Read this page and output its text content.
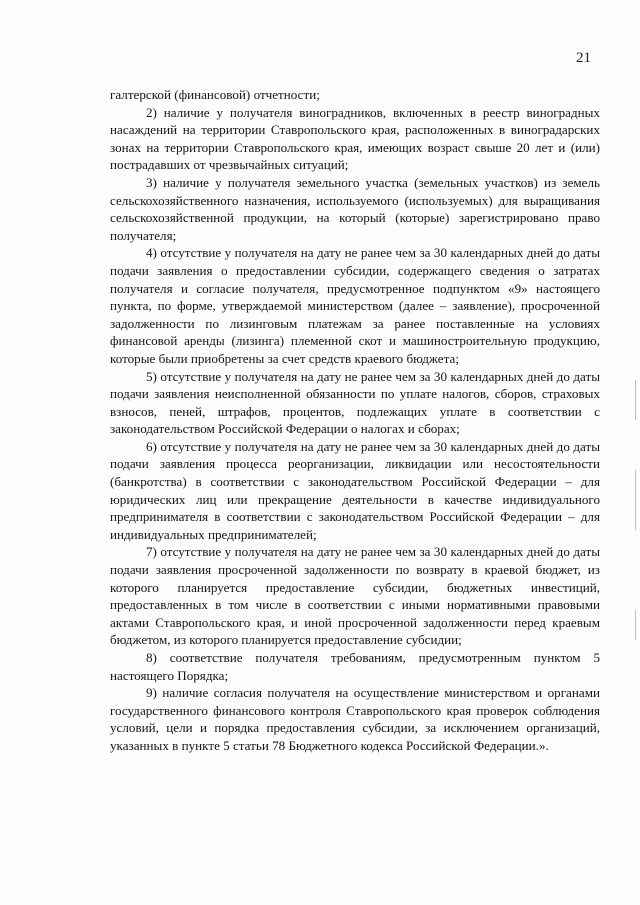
21

галтерской (финансовой) отчетности;

2) наличие у получателя виноградников, включенных в реестр виноградных насаждений на территории Ставропольского края, расположенных в виноградарских зонах на территории Ставропольского края, имеющих возраст свыше 20 лет и (или) пострадавших от чрезвычайных ситуаций;

3) наличие у получателя земельного участка (земельных участков) из земель сельскохозяйственного назначения, используемого (используемых) для выращивания сельскохозяйственной продукции, на который (которые) зарегистрировано право получателя;

4) отсутствие у получателя на дату не ранее чем за 30 календарных дней до даты подачи заявления о предоставлении субсидии, содержащего сведения о затратах получателя и согласие получателя, предусмотренное подпунктом «9» настоящего пункта, по форме, утверждаемой министерством (далее – заявление), просроченной задолженности по лизинговым платежам за ранее поставленные на условиях финансовой аренды (лизинга) племенной скот и машиностроительную продукцию, которые были приобретены за счет средств краевого бюджета;

5) отсутствие у получателя на дату не ранее чем за 30 календарных дней до даты подачи заявления неисполненной обязанности по уплате налогов, сборов, страховых взносов, пеней, штрафов, процентов, подлежащих уплате в соответствии с законодательством Российской Федерации о налогах и сборах;

6) отсутствие у получателя на дату не ранее чем за 30 календарных дней до даты подачи заявления процесса реорганизации, ликвидации или несостоятельности (банкротства) в соответствии с законодательством Российской Федерации – для юридических лиц или прекращение деятельности в качестве индивидуального предпринимателя в соответствии с законодательством Российской Федерации – для индивидуальных предпринимателей;

7) отсутствие у получателя на дату не ранее чем за 30 календарных дней до даты подачи заявления просроченной задолженности по возврату в краевой бюджет, из которого планируется предоставление субсидии, бюджетных инвестиций, предоставленных в том числе в соответствии с иными нормативными правовыми актами Ставропольского края, и иной просроченной задолженности перед краевым бюджетом, из которого планируется предоставление субсидии;

8) соответствие получателя требованиям, предусмотренным пунктом 5 настоящего Порядка;

9) наличие согласия получателя на осуществление министерством и органами государственного финансового контроля Ставропольского края проверок соблюдения условий, цели и порядка предоставления субсидии, за исключением организаций, указанных в пункте 5 статьи 78 Бюджетного кодекса Российской Федерации.».
